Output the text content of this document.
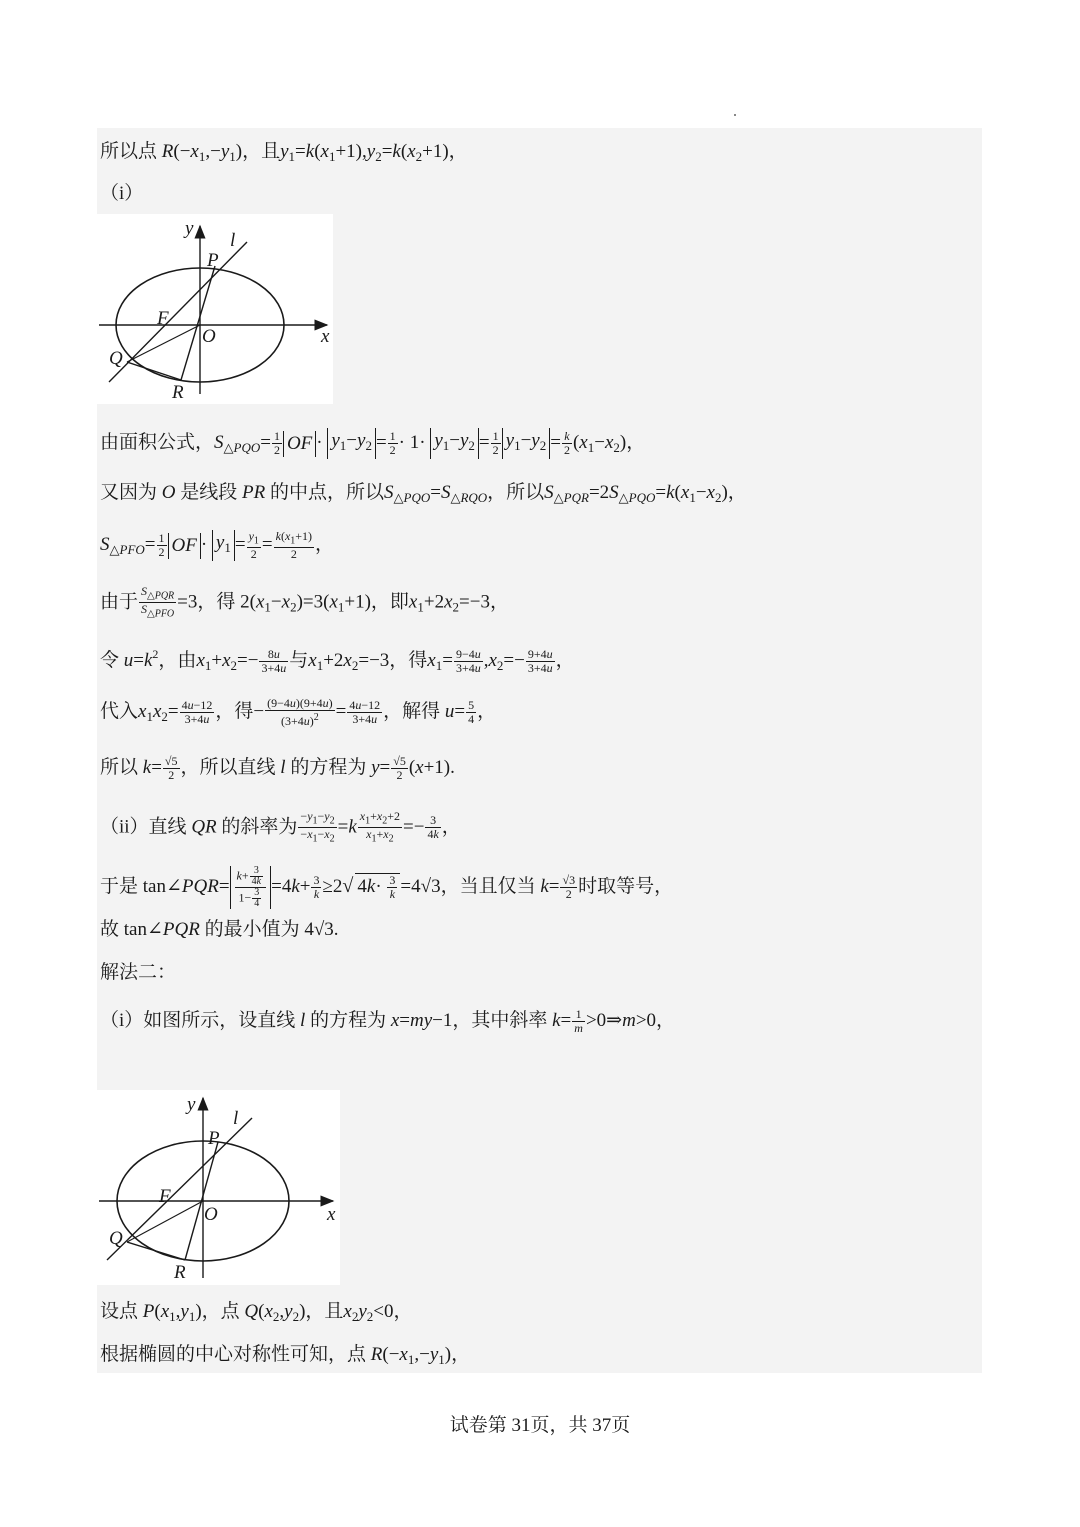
所以点 $R(-x_1,-y_1)$，且$y_1=k(x_1+1),y_2=k(x_2+1)$，
（i）
y
l
P
F
O	x
Q
R
由面积公式，$S_{\triangle PQO}= \frac{1}{2}$ OF · $y_1-y_2 = \frac{1}{2} \cdot 1\cdot y_1-y_2 = \frac{1}{2} y_1-y_2 = \frac{k}{2} (x_1-x_2)$，
又因为 O 是线段 PR 的中点，所以$S_{\triangle PQO}=S_{\triangle RQO}$，所以$S_{\triangle PQR}=2S_{\triangle PQO}=k(x_1-x_2)$，
$S_{\triangle PFO}= \frac{1}{2}$ OF · $y_1 = \frac{y_1}{2} = \frac{k(x_1+1)}{2}$ ，
由于 $\frac{S_{\triangle PQR}}{S_{\triangle PFO}} =3$，得 $2(x_1-x_2)=3(x_1+1)$，即$x_1+2x_2=-3$，
令 $u=k^2$，由$x_1+x_2=- \frac{8u}{3+4u}$ 与$x_1+2x_2=-3$，得$x_1= \frac{9-4u}{3+4u} ,x_2=- \frac{9+4u}{3+4u}$ ，
代入$x_1x_2= \frac{4u-12}{3+4u}$ ，得− $\frac{(9-4u)(9+4u)}{(3+4u)^2} = \frac{4u-12}{3+4u}$ ，解得 $u= \frac{5}{4}$ ，
所以 $k= \frac{√5}{2}$ ，所以直线 l 的方程为 $y= \frac{√5}{2} (x+1)$.
（ii）直线 QR 的斜率为 $\frac{-y_1-y_2}{-x_1-x_2} =k \frac{x_1+x_2+2}{x_1+x_2} =- \frac{3}{4k}$ ，
于是 tan∠PQR= $\frac{k+ \frac{3}{4k}}{1- \frac{3}{4}} =4k+ \frac{3}{k} \ge 2√$ $4k\cdot \frac{3}{k} =4√3$，当且仅当 $k= \frac{√3}{2}$ 时取等号，
故 tan∠PQR 的最小值为 4√3.
解法二：
（i）如图所示，设直线 l 的方程为 x=my−1，其中斜率 $k= \frac{1}{m}$ >0⇒m>0，
y
l
P
F
O	x
Q
R
设点 $P(x_1,y_1)$，点 $Q(x_2,y_2)$，且$x_2y_2<0$，
根据椭圆的中心对称性可知，点 $R(-x_1,-y_1)$，
试卷第 31页，共 37页
